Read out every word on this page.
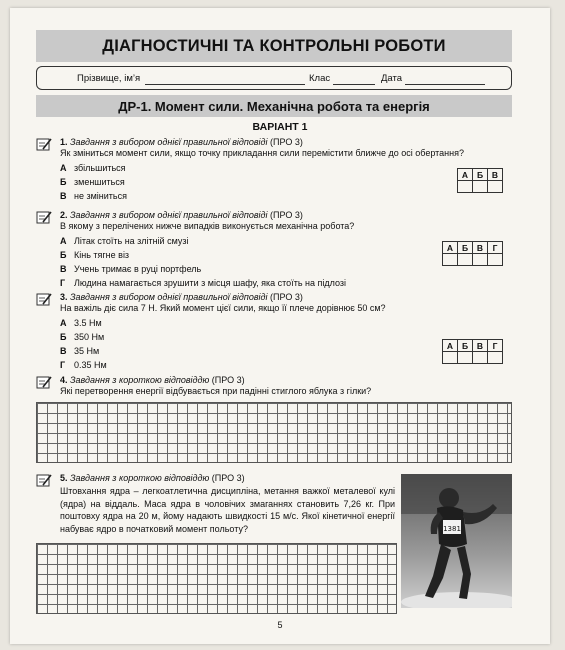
ДІАГНОСТИЧНІ ТА КОНТРОЛЬНІ РОБОТИ
Прізвище, ім’я	Клас	Дата
ДР-1. Момент сили. Механічна робота та енергія
ВАРІАНТ 1
1. Завдання з вибором однієї правильної відповіді (ПРО 3)
Як зміниться момент сили, якщо точку прикладання сили перемістити ближче до осі обертання?
А збільшиться
Б зменшиться
В не зміниться
А	Б	В

2. Завдання з вибором однієї правильної відповіді (ПРО 3)
В якому з перелічених нижче випадків виконується механічна робота?
А Літак стоїть на злітній смузі
Б Кінь тягне віз
В Учень тримає в руці портфель
Г Людина намагається зрушити з місця шафу, яка стоїть на підлозі
А	Б	В	Г

3. Завдання з вибором однієї правильної відповіді (ПРО 3)
На важіль діє сила 7 Н. Який момент цієї сили, якщо її плече дорівнює 50 см?
А 3.5 Нм
Б 350 Нм
В 35 Нм
Г 0.35 Нм
А	Б	В	Г

4. Завдання з короткою відповіддю (ПРО 3)
Які перетворення енергії відбувається при падінні стиглого яблука з гілки?
5. Завдання з короткою відповіддю (ПРО 3)
Штовхання ядра – легкоатлетична дисципліна, метання важкої металевої кулі (ядра) на віддаль. Маса ядра в чоловічих змаганнях становить 7,26 кг. При поштовху ядра на 20 м, йому надають швидкості 15 м/с. Якої кінетичної енергії набуває ядро в початковий момент польоту?	1381
5
